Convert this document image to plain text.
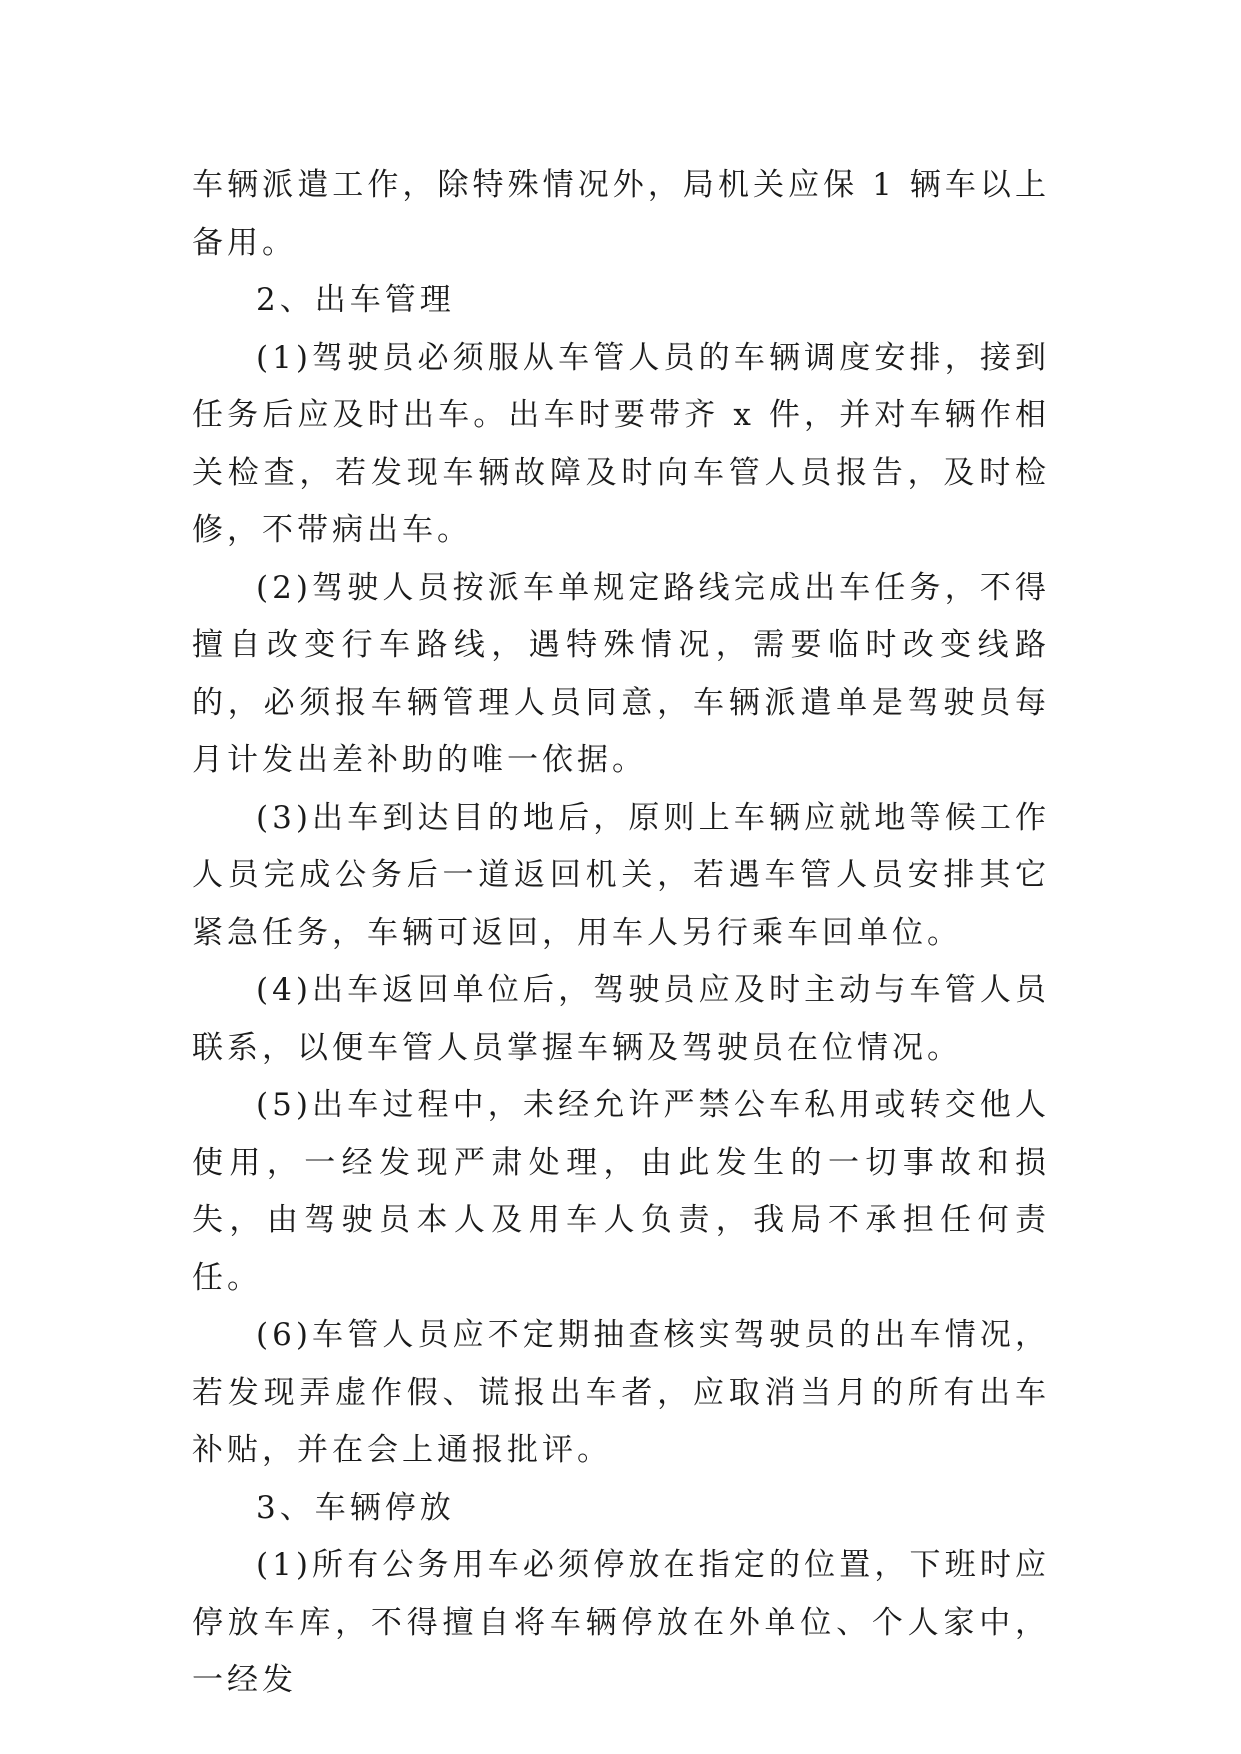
车辆派遣工作，除特殊情况外，局机关应保 1 辆车以上备用。

2、出车管理

(1)驾驶员必须服从车管人员的车辆调度安排，接到任务后应及时出车。出车时要带齐 x 件，并对车辆作相关检查，若发现车辆故障及时向车管人员报告，及时检修，不带病出车。

(2)驾驶人员按派车单规定路线完成出车任务，不得擅自改变行车路线，遇特殊情况，需要临时改变线路的，必须报车辆管理人员同意，车辆派遣单是驾驶员每月计发出差补助的唯一依据。

(3)出车到达目的地后，原则上车辆应就地等候工作人员完成公务后一道返回机关，若遇车管人员安排其它紧急任务，车辆可返回，用车人另行乘车回单位。

(4)出车返回单位后，驾驶员应及时主动与车管人员联系，以便车管人员掌握车辆及驾驶员在位情况。

(5)出车过程中，未经允许严禁公车私用或转交他人使用，一经发现严肃处理，由此发生的一切事故和损失，由驾驶员本人及用车人负责，我局不承担任何责任。

(6)车管人员应不定期抽查核实驾驶员的出车情况，若发现弄虚作假、谎报出车者，应取消当月的所有出车补贴，并在会上通报批评。

3、车辆停放

(1)所有公务用车必须停放在指定的位置，下班时应停放车库，不得擅自将车辆停放在外单位、个人家中，一经发
